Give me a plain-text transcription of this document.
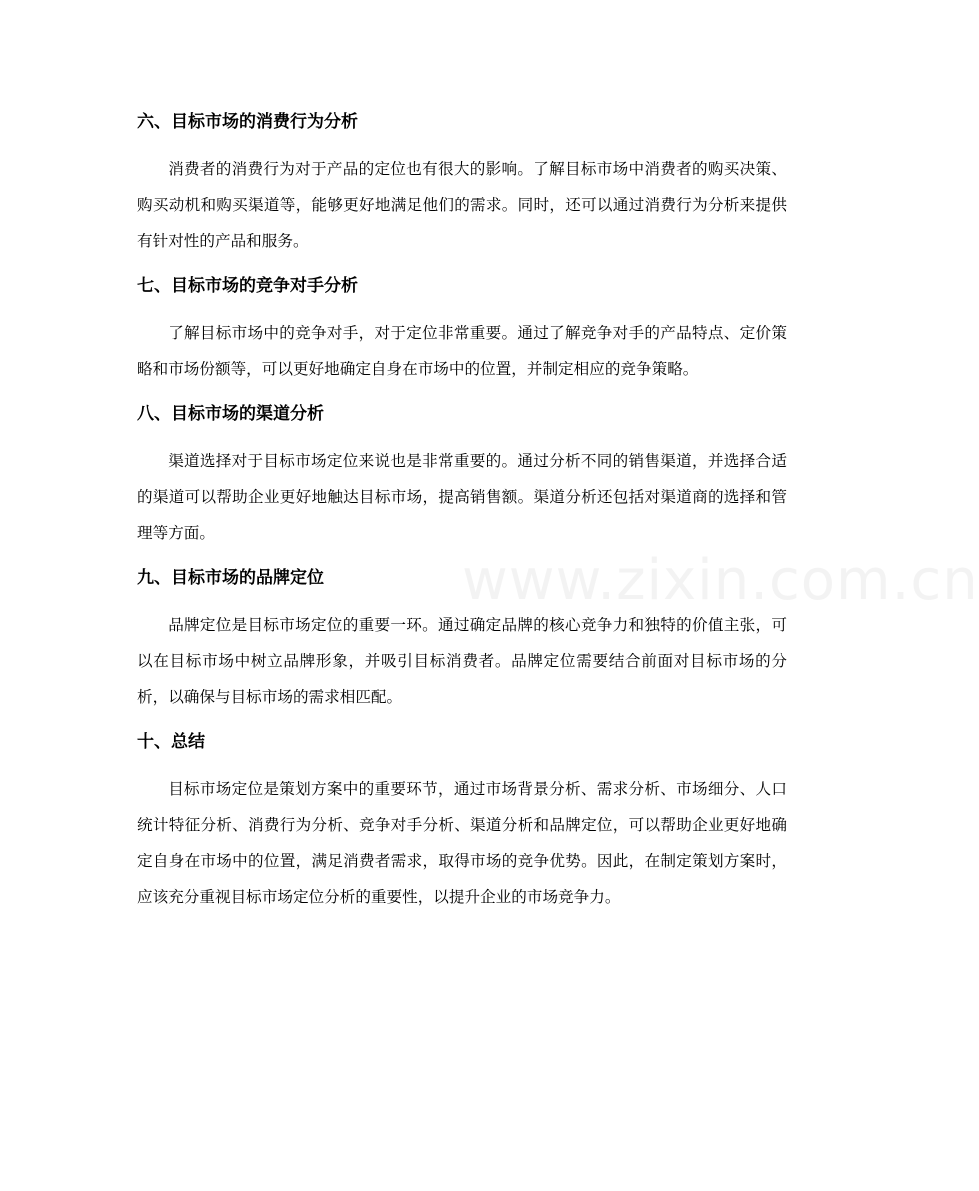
六、目标市场的消费行为分析

消费者的消费行为对于产品的定位也有很大的影响。了解目标市场中消费者的购买决策、购买动机和购买渠道等，能够更好地满足他们的需求。同时，还可以通过消费行为分析来提供有针对性的产品和服务。

七、目标市场的竞争对手分析

了解目标市场中的竞争对手，对于定位非常重要。通过了解竞争对手的产品特点、定价策略和市场份额等，可以更好地确定自身在市场中的位置，并制定相应的竞争策略。

八、目标市场的渠道分析

渠道选择对于目标市场定位来说也是非常重要的。通过分析不同的销售渠道，并选择合适的渠道可以帮助企业更好地触达目标市场，提高销售额。渠道分析还包括对渠道商的选择和管理等方面。

九、目标市场的品牌定位

品牌定位是目标市场定位的重要一环。通过确定品牌的核心竞争力和独特的价值主张，可以在目标市场中树立品牌形象，并吸引目标消费者。品牌定位需要结合前面对目标市场的分析，以确保与目标市场的需求相匹配。

十、总结

目标市场定位是策划方案中的重要环节，通过市场背景分析、需求分析、市场细分、人口统计特征分析、消费行为分析、竞争对手分析、渠道分析和品牌定位，可以帮助企业更好地确定自身在市场中的位置，满足消费者需求，取得市场的竞争优势。因此，在制定策划方案时，应该充分重视目标市场定位分析的重要性，以提升企业的市场竞争力。

www.zixin.com.cn
